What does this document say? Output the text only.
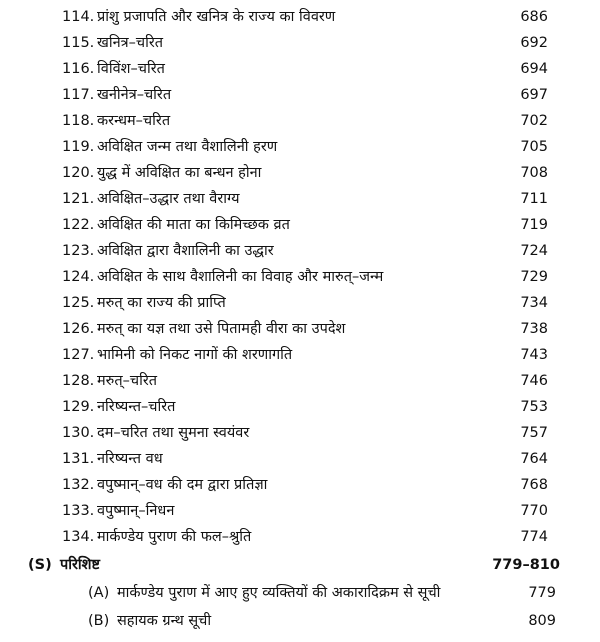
114. प्रांशु प्रजापति और खनित्र के राज्य का विवरण	686
115. खनित्र–चरित	692
116. विविंश–चरित	694
117. खनीनेत्र–चरित	697
118. करन्धम–चरित	702
119. अविक्षित जन्म तथा वैशालिनी हरण	705
120. युद्ध में अविक्षित का बन्धन होना	708
121. अविक्षित–उद्धार तथा वैराग्य	711
122. अविक्षित की माता का किमिच्छक व्रत	719
123. अविक्षित द्वारा वैशालिनी का उद्धार	724
124. अविक्षित के साथ वैशालिनी का विवाह और मारुत्–जन्म	729
125. मरुत् का राज्य की प्राप्ति	734
126. मरुत् का यज्ञ तथा उसे पितामही वीरा का उपदेश	738
127. भामिनी को निकट नागों की शरणागति	743
128. मरुत्–चरित	746
129. नरिष्यन्त–चरित	753
130. दम–चरित तथा सुमना स्वयंवर	757
131. नरिष्यन्त वध	764
132. वपुष्मान्–वध की दम द्वारा प्रतिज्ञा	768
133. वपुष्मान्–निधन	770
134. मार्कण्डेय पुराण की फल–श्रुति	774
(S) परिशिष्ट	779–810
(A) मार्कण्डेय पुराण में आए हुए व्यक्तियों की अकारादिक्रम से सूची	779
(B) सहायक ग्रन्थ सूची	809
